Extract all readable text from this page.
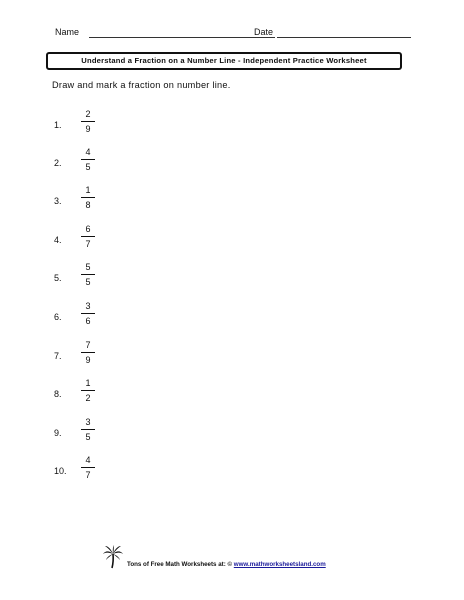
Name	Date
Understand a Fraction on a Number Line - Independent Practice Worksheet
Draw and mark a fraction on number line.
1.
2
9
2.
4
5
3.
1
8
4.
6
7
5.
5
5
6.
3
6
7.
7
9
8.
1
2
9.
3
5
10.
4
7
Tons of Free Math Worksheets at: © www.mathworksheetsland.com
